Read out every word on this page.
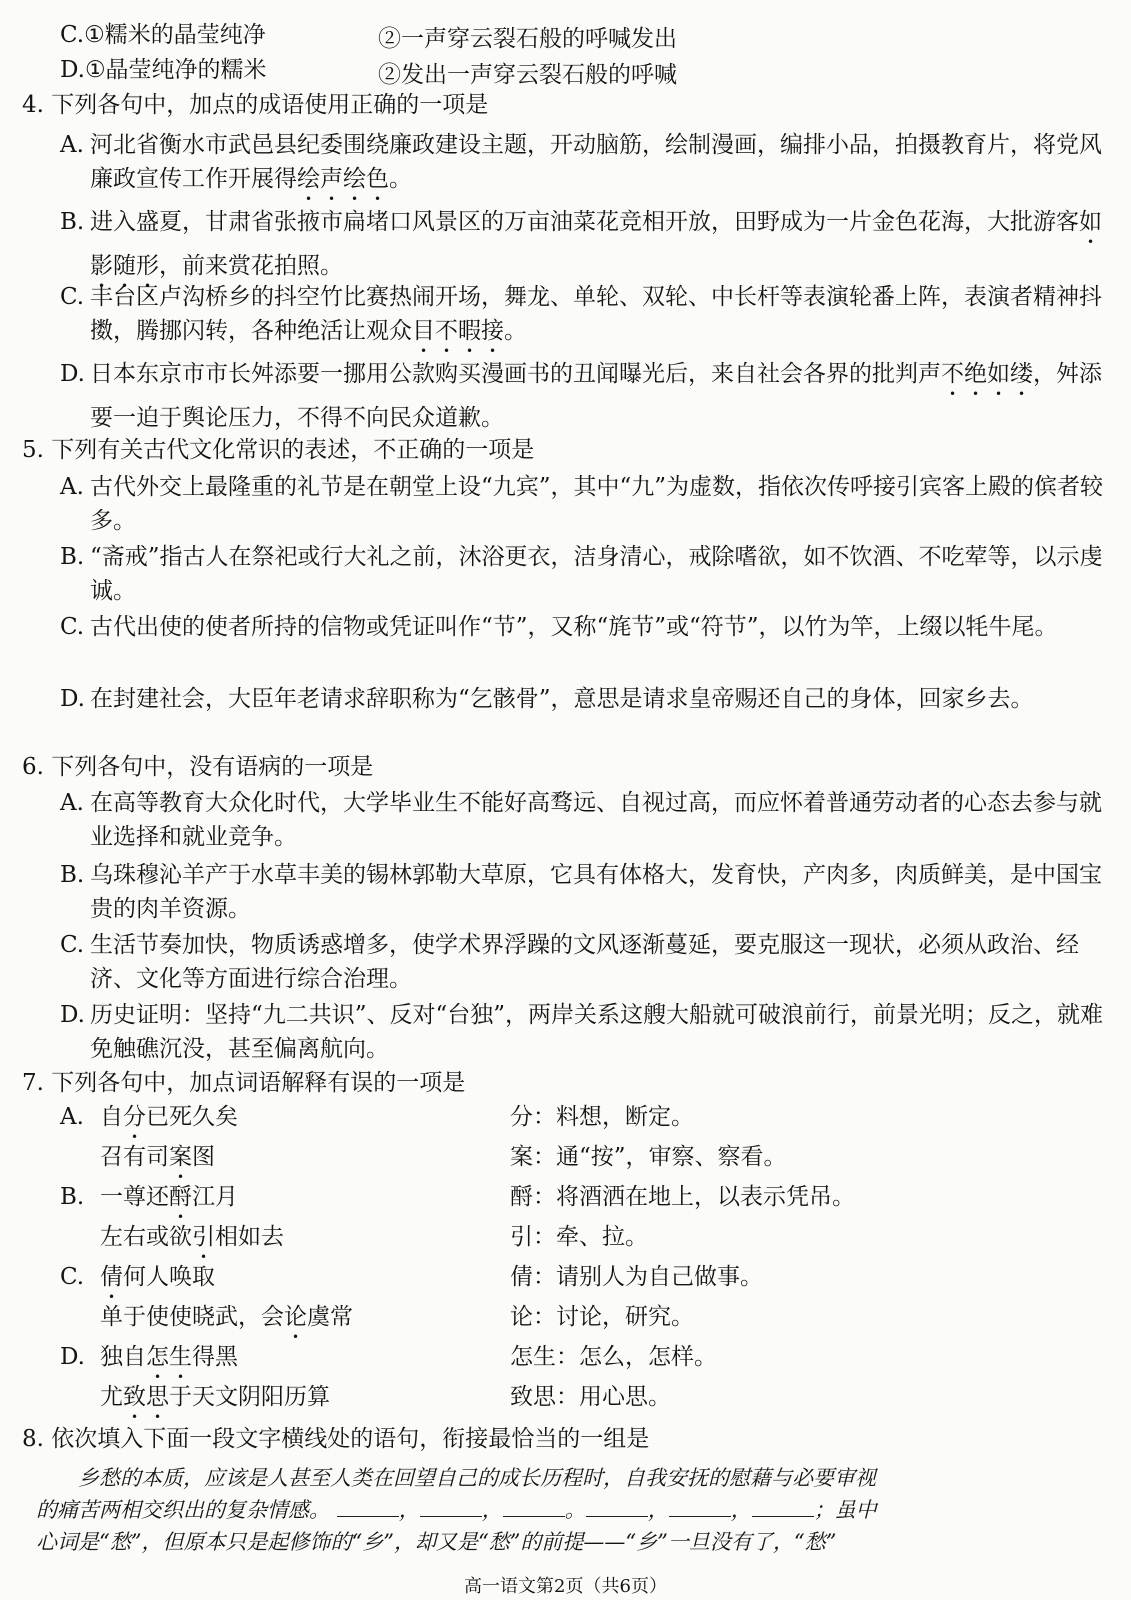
C.①糯米的晶莹纯净	②一声穿云裂石般的呼喊发出
D.①晶莹纯净的糯米	②发出一声穿云裂石般的呼喊
4. 下列各句中，加点的成语使用正确的一项是
A. 河北省衡水市武邑县纪委围绕廉政建设主题，开动脑筋，绘制漫画，编排小品，拍摄教育片，将党风廉政宣传工作开展得绘声绘色。
B. 进入盛夏，甘肃省张掖市扁堵口风景区的万亩油菜花竞相开放，田野成为一片金色花海，大批游客如影随形，前来赏花拍照。
C. 丰台区卢沟桥乡的抖空竹比赛热闹开场，舞龙、单轮、双轮、中长杆等表演轮番上阵，表演者精神抖擞，腾挪闪转，各种绝活让观众目不暇接。
D. 日本东京市市长舛添要一挪用公款购买漫画书的丑闻曝光后，来自社会各界的批判声不绝如缕，舛添要一迫于舆论压力，不得不向民众道歉。
5. 下列有关古代文化常识的表述，不正确的一项是
A. 古代外交上最隆重的礼节是在朝堂上设“九宾”，其中“九”为虚数，指依次传呼接引宾客上殿的傧者较多。
B. “斋戒”指古人在祭祀或行大礼之前，沐浴更衣，洁身清心，戒除嗜欲，如不饮酒、不吃荤等，以示虔诚。
C. 古代出使的使者所持的信物或凭证叫作“节”，又称“旄节”或“符节”，以竹为竿，上缀以牦牛尾。
D. 在封建社会，大臣年老请求辞职称为“乞骸骨”，意思是请求皇帝赐还自己的身体，回家乡去。
6. 下列各句中，没有语病的一项是
A. 在高等教育大众化时代，大学毕业生不能好高骛远、自视过高，而应怀着普通劳动者的心态去参与就业选择和就业竞争。
B. 乌珠穆沁羊产于水草丰美的锡林郭勒大草原，它具有体格大，发育快，产肉多，肉质鲜美，是中国宝贵的肉羊资源。
C. 生活节奏加快，物质诱惑增多，使学术界浮躁的文风逐渐蔓延，要克服这一现状，必须从政治、经济、文化等方面进行综合治理。
D. 历史证明：坚持“九二共识”、反对“台独”，两岸关系这艘大船就可破浪前行，前景光明；反之，就难免触礁沉没，甚至偏离航向。
7. 下列各句中，加点词语解释有误的一项是
A. 自分已死久矣	分：料想，断定。
召有司案图	案：通“按”，审察、察看。
B. 一尊还酹江月	酹：将酒洒在地上，以表示凭吊。
左右或欲引相如去	引：牵、拉。
C. 倩何人唤取	倩：请别人为自己做事。
单于使使晓武，会论虞常	论：讨论，研究。
D. 独自怎生得黑	怎生：怎么，怎样。
尤致思于天文阴阳历算	致思：用心思。
8. 依次填入下面一段文字横线处的语句，衔接最恰当的一组是
乡愁的本质，应该是人甚至人类在回望自己的成长历程时，自我安抚的慰藉与必要审视
的痛苦两相交织出的复杂情感。	，	，	。	，	，	；虽中
心词是“愁”，但原本只是起修饰的“乡”，却又是“愁”的前提——“乡”一旦没有了，“愁”
高一语文第2页（共6页）
